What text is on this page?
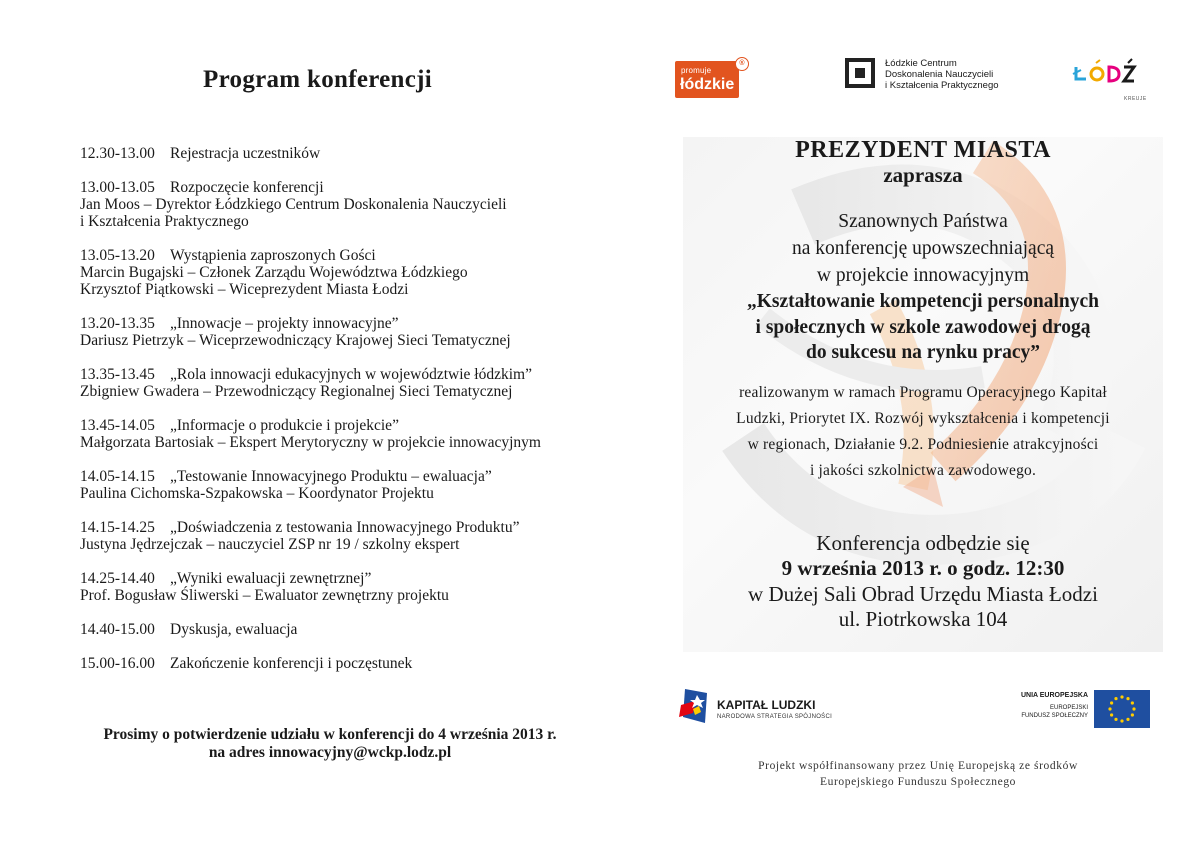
Program konferencji
12.30-13.00 Rejestracja uczestników
13.00-13.05 Rozpoczęcie konferencji
Jan Moos – Dyrektor Łódzkiego Centrum Doskonalenia Nauczycieli
i Kształcenia Praktycznego
13.05-13.20 Wystąpienia zaproszonych Gości
Marcin Bugajski – Członek Zarządu Województwa Łódzkiego
Krzysztof Piątkowski – Wiceprezydent Miasta Łodzi
13.20-13.35 „Innowacje – projekty innowacyjne”
Dariusz Pietrzyk – Wiceprzewodniczący Krajowej Sieci Tematycznej
13.35-13.45 „Rola innowacji edukacyjnych w województwie łódzkim”
Zbigniew Gwadera – Przewodniczący Regionalnej Sieci Tematycznej
13.45-14.05 „Informacje o produkcie i projekcie”
Małgorzata Bartosiak – Ekspert Merytoryczny w projekcie innowacyjnym
14.05-14.15 „Testowanie Innowacyjnego Produktu – ewaluacja”
Paulina Cichomska-Szpakowska – Koordynator Projektu
14.15-14.25 „Doświadczenia z testowania Innowacyjnego Produktu”
Justyna Jędrzejczak – nauczyciel ZSP nr 19 / szkolny ekspert
14.25-14.40 „Wyniki ewaluacji zewnętrznej”
Prof. Bogusław Śliwerski – Ewaluator zewnętrzny projektu
14.40-15.00 Dyskusja, ewaluacja
15.00-16.00 Zakończenie konferencji i poczęstunek
Prosimy o potwierdzenie udziału w konferencji do 4 września 2013 r.
na adres innowacyjny@wckp.lodz.pl
promuje
łódzkie
®	Łódzkie Centrum
Doskonalenia Nauczycieli
i Kształcenia Praktycznego
KREUJE
PREZYDENT MIASTA
zaprasza
Szanownych Państwa
na konferencję upowszechniającą
w projekcie innowacyjnym
„Kształtowanie kompetencji personalnych
i społecznych w szkole zawodowej drogą
do sukcesu na rynku pracy”
realizowanym w ramach Programu Operacyjnego Kapitał
Ludzki, Priorytet IX. Rozwój wykształcenia i kompetencji
w regionach, Działanie 9.2. Podniesienie atrakcyjności
i jakości szkolnictwa zawodowego.
Konferencja odbędzie się
9 września 2013 r. o godz. 12:30
w Dużej Sali Obrad Urzędu Miasta Łodzi
ul. Piotrkowska 104
KAPITAŁ LUDZKI
NARODOWA STRATEGIA SPÓJNOŚCI
UNIA EUROPEJSKA
EUROPEJSKI
FUNDUSZ SPOŁECZNY
Projekt współfinansowany przez Unię Europejską ze środków
Europejskiego Funduszu Społecznego
